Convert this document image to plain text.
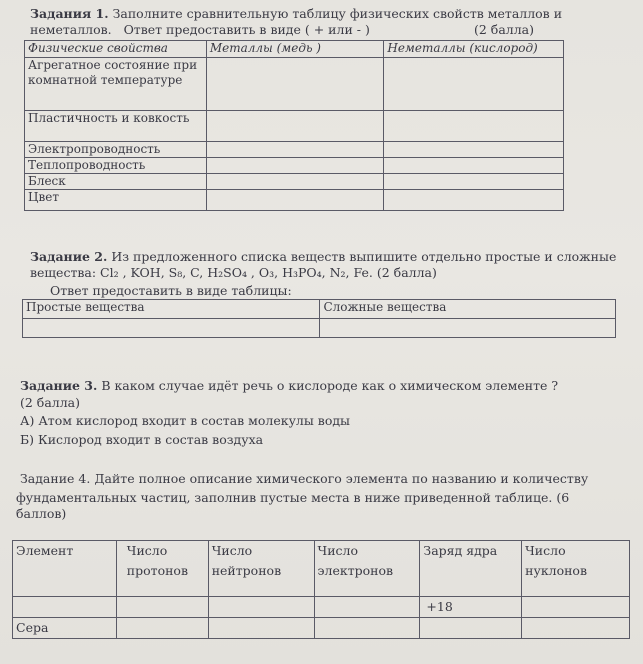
Задания 1. Заполните сравнительную таблицу физических свойств металлов и
неметаллов. Ответ предоставить в виде ( + или - )	(2 балла)
Физические свойства	Металлы (медь )	Неметаллы (кислород)
Агрегатное состояние при комнатной температуре		
Пластичность и ковкость		
Электропроводность		
Теплопроводность		
Блеск		
Цвет		
Задание 2. Из предложенного списка веществ выпишите отдельно простые и сложные
вещества: Cl₂ , KOH, S₈, C, H₂SO₄ , O₃, H₃PO₄, N₂, Fe. (2 балла)
Ответ предоставить в виде таблицы:
Простые вещества	Сложные вещества

Задание 3. В каком случае идёт речь о кислороде как о химическом элементе ?
(2 балла)
А) Атом кислород входит в состав молекулы воды
Б) Кислород входит в состав воздуха
Задание 4. Дайте полное описание химического элемента по названию и количеству
фундаментальных частиц, заполнив пустые места в ниже приведенной таблице. (6
баллов)
Элемент	Число протонов	Число нейтронов	Число электронов	Заряд ядра	Число нуклонов
				+18	
Сера					
